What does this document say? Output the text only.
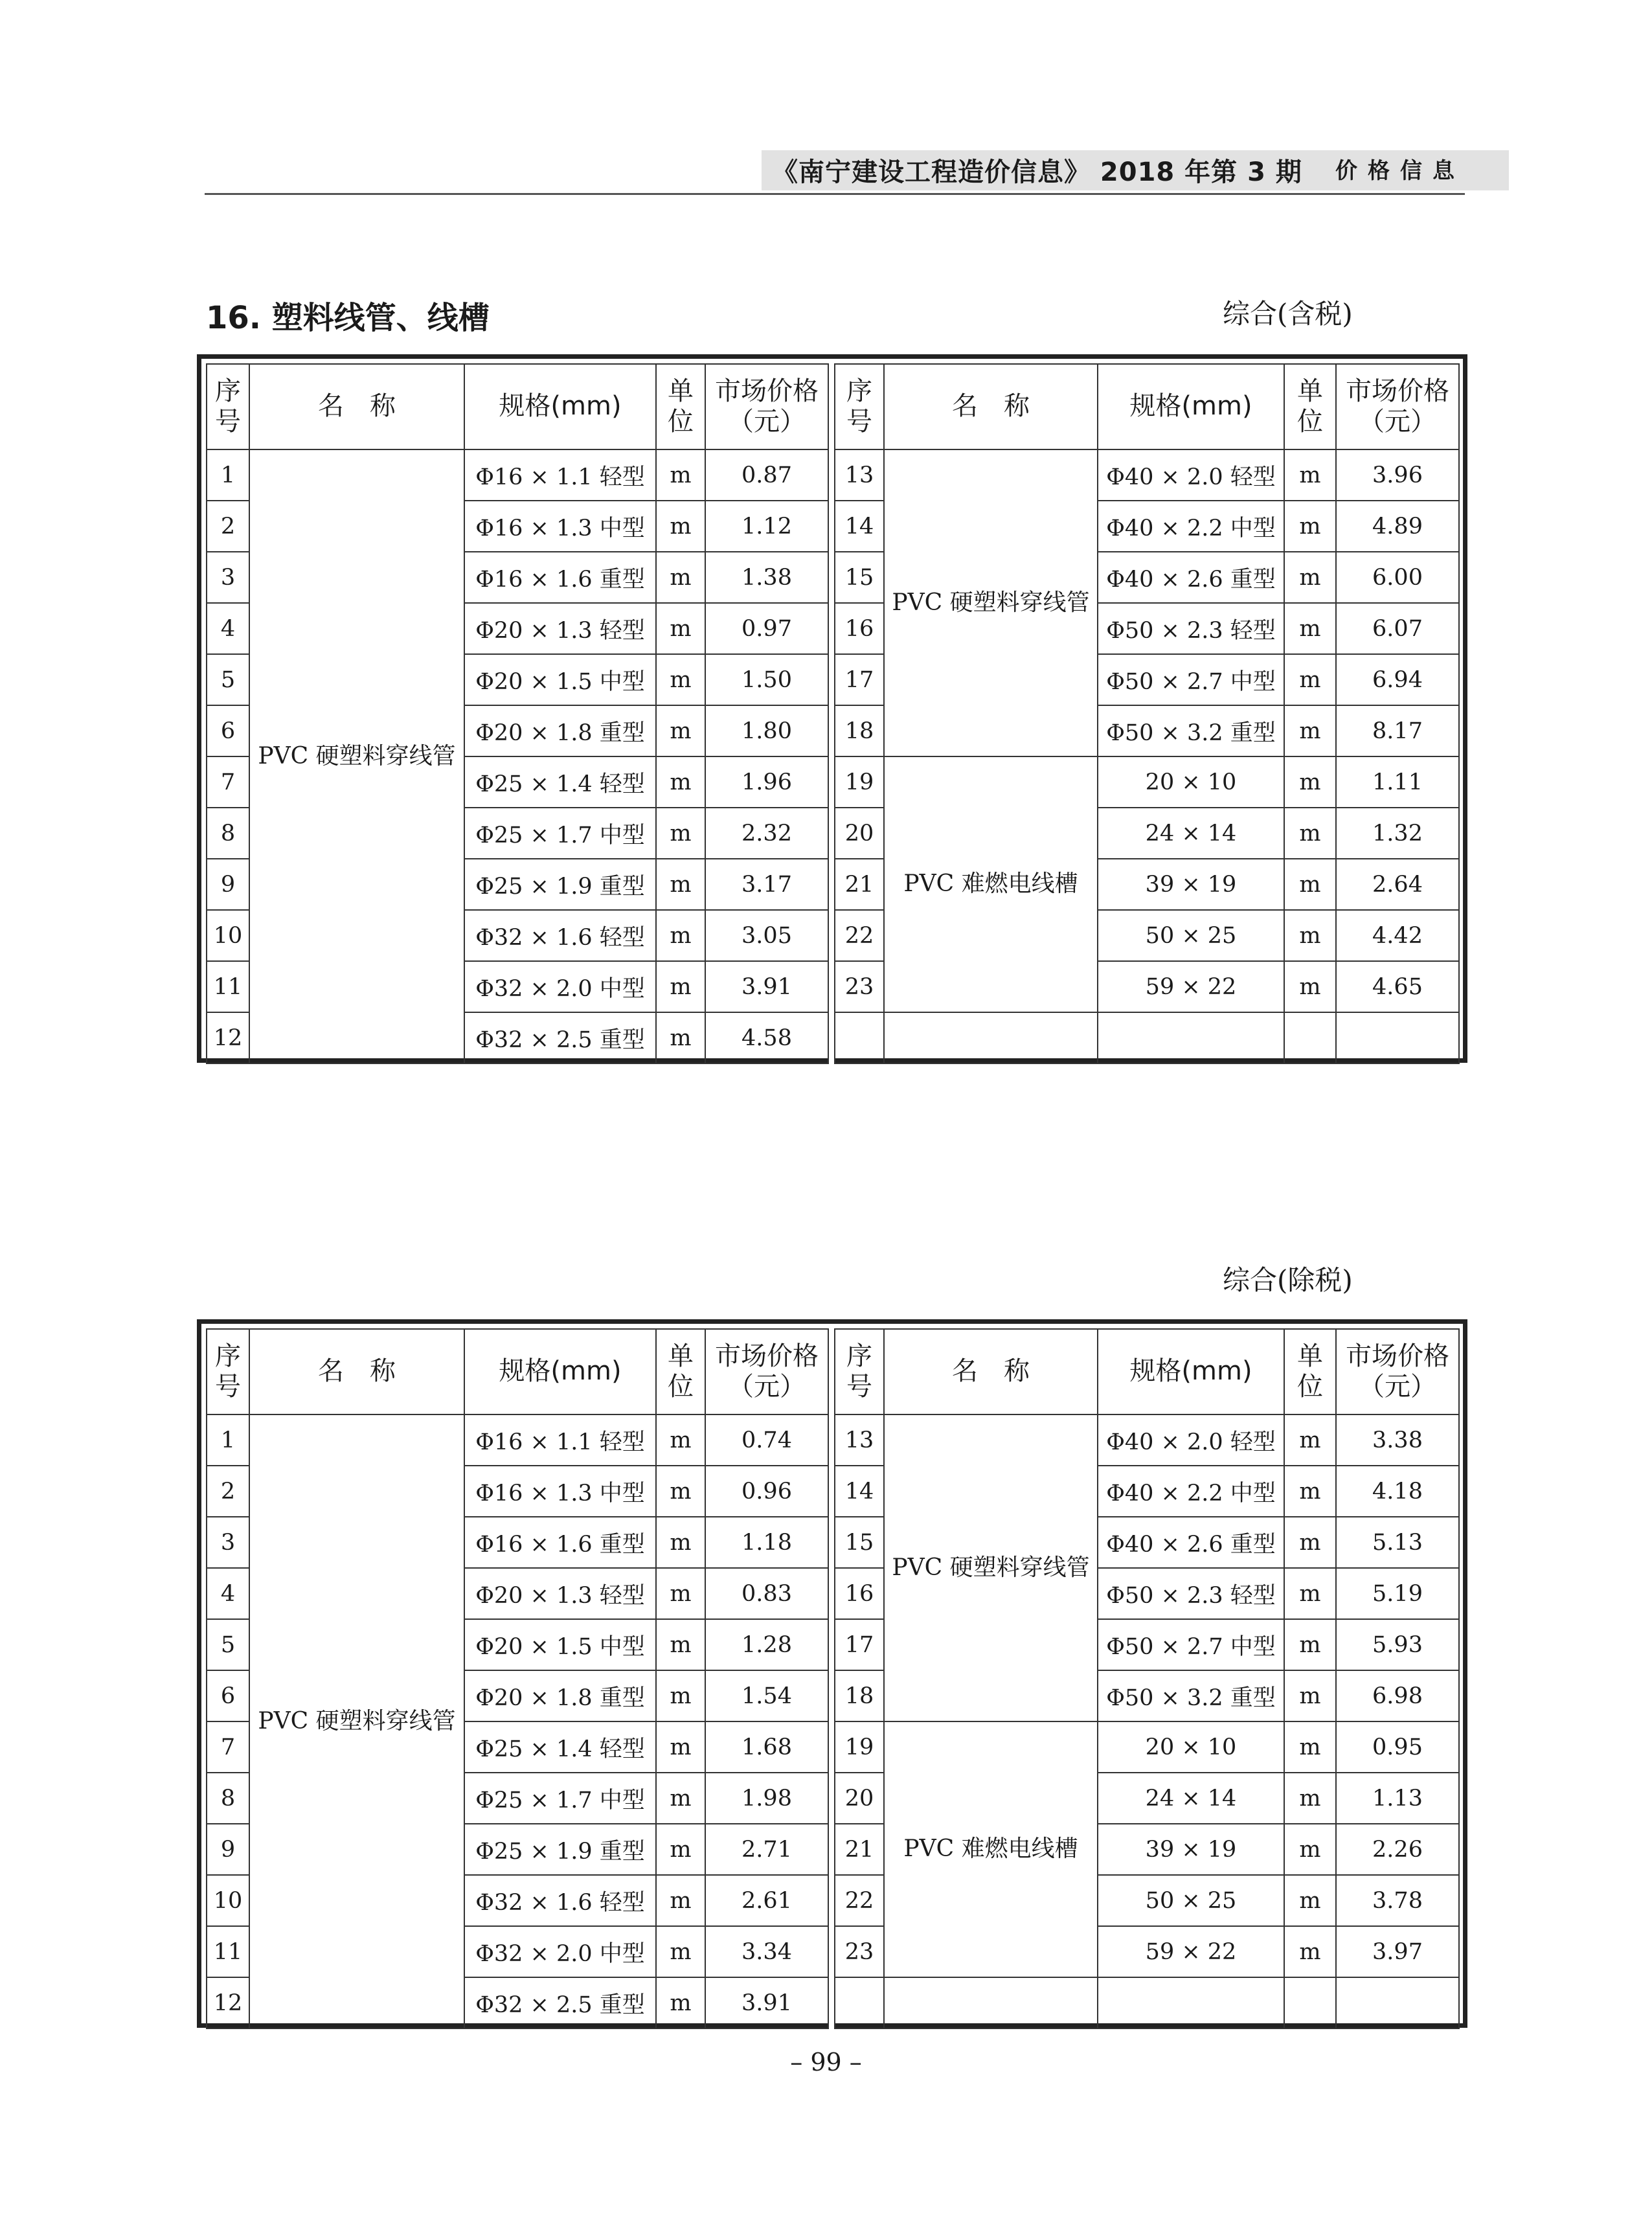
《南宁建设工程造价信息》 2018 年第 3 期 价格信息
16. 塑料线管、线槽	综合(含税)
序号	名　称	规格(mm)	单位	市场价格（元）		序号	名　称	规格(mm)	单位	市场价格（元）
1	PVC 硬塑料穿线管	Φ16 × 1.1 轻型	m	0.87		13	PVC 硬塑料穿线管	Φ40 × 2.0 轻型	m	3.96
2		Φ16 × 1.3 中型	m	1.12		14		Φ40 × 2.2 中型	m	4.89
3		Φ16 × 1.6 重型	m	1.38		15		Φ40 × 2.6 重型	m	6.00
4		Φ20 × 1.3 轻型	m	0.97		16		Φ50 × 2.3 轻型	m	6.07
5		Φ20 × 1.5 中型	m	1.50		17		Φ50 × 2.7 中型	m	6.94
6		Φ20 × 1.8 重型	m	1.80		18		Φ50 × 3.2 重型	m	8.17
7		Φ25 × 1.4 轻型	m	1.96		19	PVC 难燃电线槽	20 × 10	m	1.11
8		Φ25 × 1.7 中型	m	2.32		20		24 × 14	m	1.32
9		Φ25 × 1.9 重型	m	3.17		21		39 × 19	m	2.64
10		Φ32 × 1.6 轻型	m	3.05		22		50 × 25	m	4.42
11		Φ32 × 2.0 中型	m	3.91		23		59 × 22	m	4.65
12		Φ32 × 2.5 重型	m	4.58						
综合(除税)
序号	名　称	规格(mm)	单位	市场价格（元）		序号	名　称	规格(mm)	单位	市场价格（元）
1	PVC 硬塑料穿线管	Φ16 × 1.1 轻型	m	0.74		13	PVC 硬塑料穿线管	Φ40 × 2.0 轻型	m	3.38
2		Φ16 × 1.3 中型	m	0.96		14		Φ40 × 2.2 中型	m	4.18
3		Φ16 × 1.6 重型	m	1.18		15		Φ40 × 2.6 重型	m	5.13
4		Φ20 × 1.3 轻型	m	0.83		16		Φ50 × 2.3 轻型	m	5.19
5		Φ20 × 1.5 中型	m	1.28		17		Φ50 × 2.7 中型	m	5.93
6		Φ20 × 1.8 重型	m	1.54		18		Φ50 × 3.2 重型	m	6.98
7		Φ25 × 1.4 轻型	m	1.68		19	PVC 难燃电线槽	20 × 10	m	0.95
8		Φ25 × 1.7 中型	m	1.98		20		24 × 14	m	1.13
9		Φ25 × 1.9 重型	m	2.71		21		39 × 19	m	2.26
10		Φ32 × 1.6 轻型	m	2.61		22		50 × 25	m	3.78
11		Φ32 × 2.0 中型	m	3.34		23		59 × 22	m	3.97
12		Φ32 × 2.5 重型	m	3.91						
– 99 –
